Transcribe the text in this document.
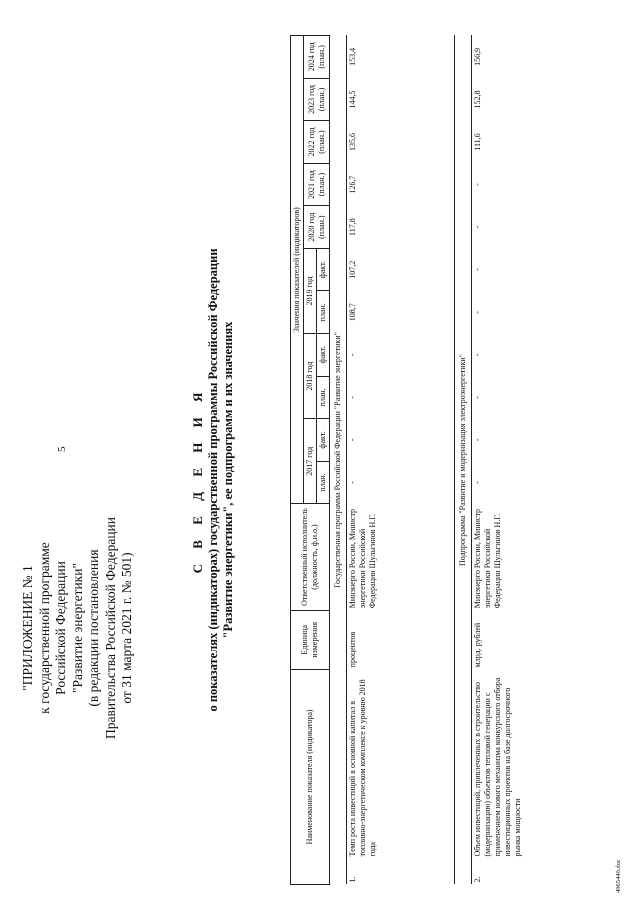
5
"ПРИЛОЖЕНИЕ № 1 к государственной программе Российской Федерации "Развитие энергетики" (в редакции постановления Правительства Российской Федерации от 31 марта 2021 г. № 501)
С В Е Д Е Н И Я о показателях (индикаторах) государственной программы Российской Федерации "Развитие энергетики", ее подпрограмм и их значениях
Наименование показателя (индикатора)		Единица измерения	Ответственный исполнитель (должность, ф.и.о.)	Значения показателей (индикаторов)										
				2017 год		2018 год		2019 год		2020 год (план.)	2021 год (план.)	2022 год (план.)	2023 год (план.)	2024 год (план.)
				план.	факт.	план.	факт.	план.	факт.					
Государственная программа Российской Федерации "Развитие энергетики"														
1.	Темп роста инвестиций в основной капитал в топливно-энергетическом комплексе к уровню 2018 года	процентов	Минэнерго России, Министр энергетики Российской Федерации Шульгинов Н.Г.	-	-	-	-	108,7	107,2	117,8	126,7	135,6	144,5	153,4
Подпрограмма "Развитие и модернизация электроэнергетики"														
2.	Объем инвестиций, привлеченных в строительство (модернизацию) объектов тепловой генерации с применением нового механизма конкурсного отбора инвестиционных проектов на базе долгосрочного рынка мощности	млрд. рублей	Минэнерго России, Министр энергетики Российской Федерации Шульгинов Н.Г.	-	-	-	-	-	-	-	-	111,6	152,8	156,9
4965440.doc
